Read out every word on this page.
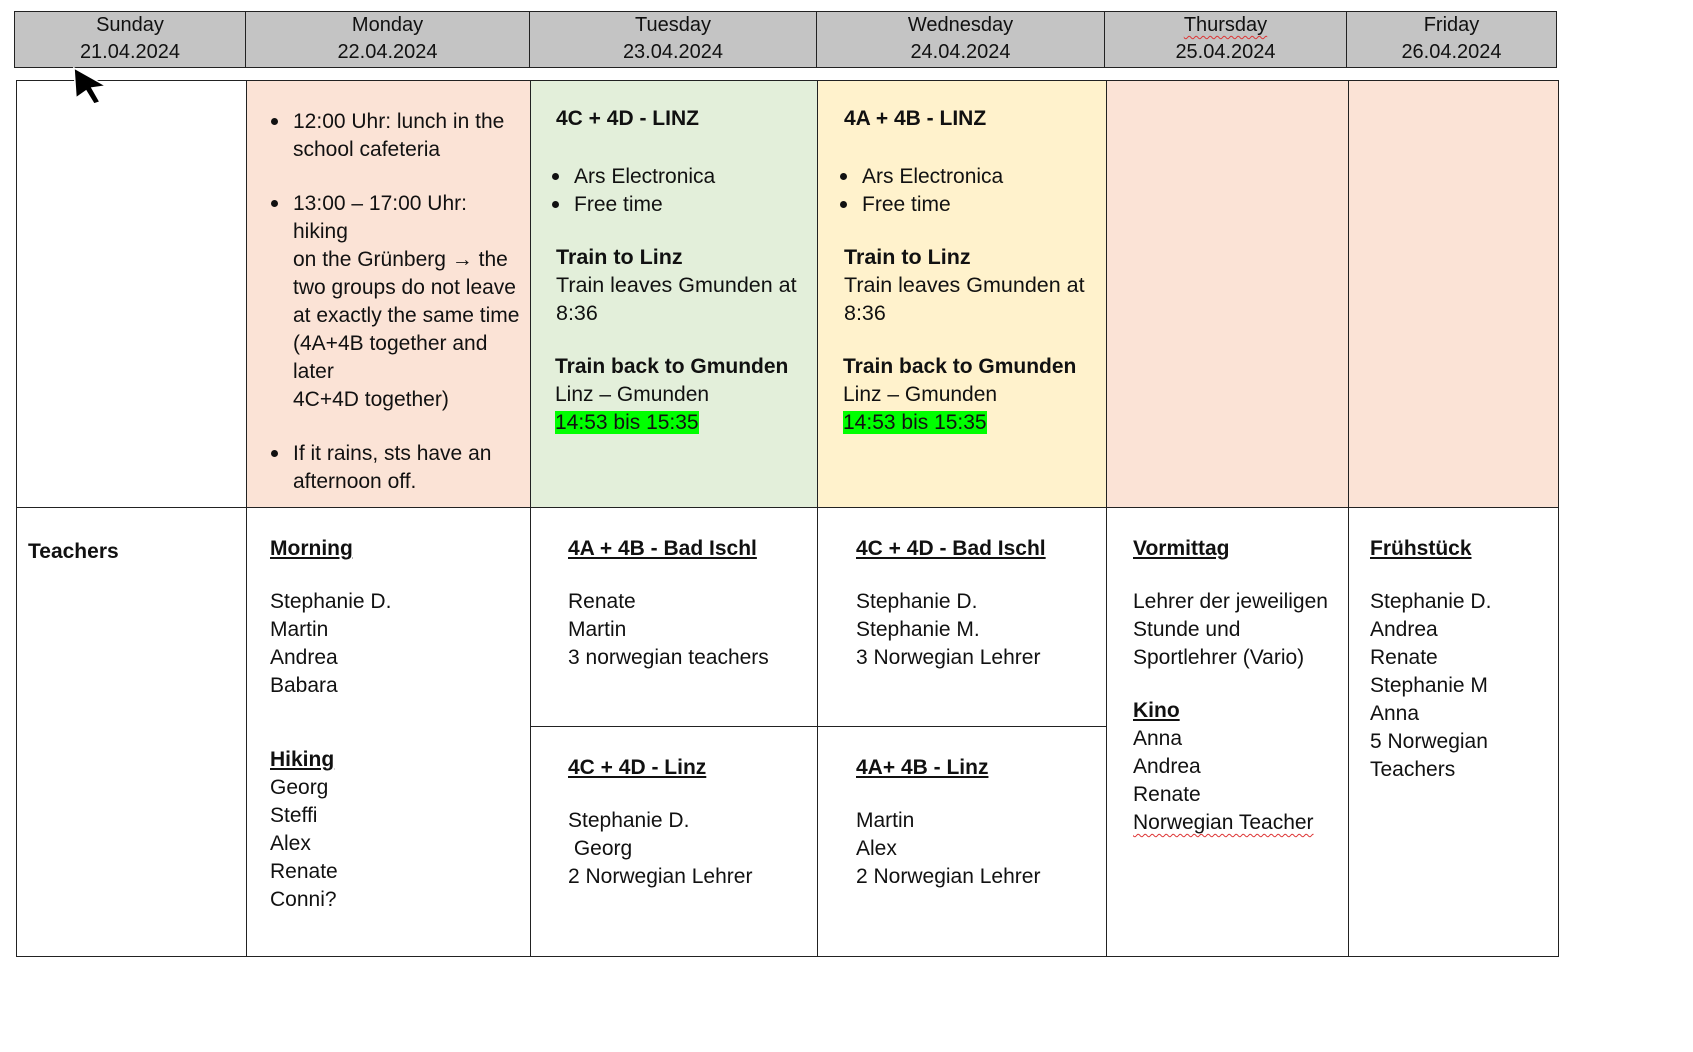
Sunday
21.04.2024
Monday
22.04.2024
Tuesday
23.04.2024
Wednesday
24.04.2024
Thursday
25.04.2024
Friday
26.04.2024
12:00 Uhr: lunch in the
school cafeteria
13:00 – 17:00 Uhr: hiking
on the Grünberg → the
two groups do not leave
at exactly the same time
(4A+4B together and later
4C+4D together)
If it rains, sts have an
afternoon off.
4C + 4D - LINZ
Ars Electronica
Free time
Train to Linz
Train leaves Gmunden at
8:36
Train back to Gmunden
Linz – Gmunden
14:53 bis 15:35
4A + 4B - LINZ
Ars Electronica
Free time
Train to Linz
Train leaves Gmunden at
8:36
Train back to Gmunden
Linz – Gmunden
14:53 bis 15:35
Teachers	Morning
Stephanie D.
Martin
Andrea
Babara
Hiking
Georg
Steffi
Alex
Renate
Conni?
4A + 4B - Bad Ischl
Renate
Martin
3 norwegian teachers
4C + 4D - Linz
Stephanie D.
Georg
2 Norwegian Lehrer
4C + 4D - Bad Ischl
Stephanie D.
Stephanie M.
3 Norwegian Lehrer
4A+ 4B - Linz
Martin
Alex
2 Norwegian Lehrer
Vormittag
Lehrer der jeweiligen
Stunde und
Sportlehrer (Vario)
Kino
Anna
Andrea
Renate
Norwegian Teacher
Frühstück
Stephanie D.
Andrea
Renate
Stephanie M
Anna
5 Norwegian
Teachers
